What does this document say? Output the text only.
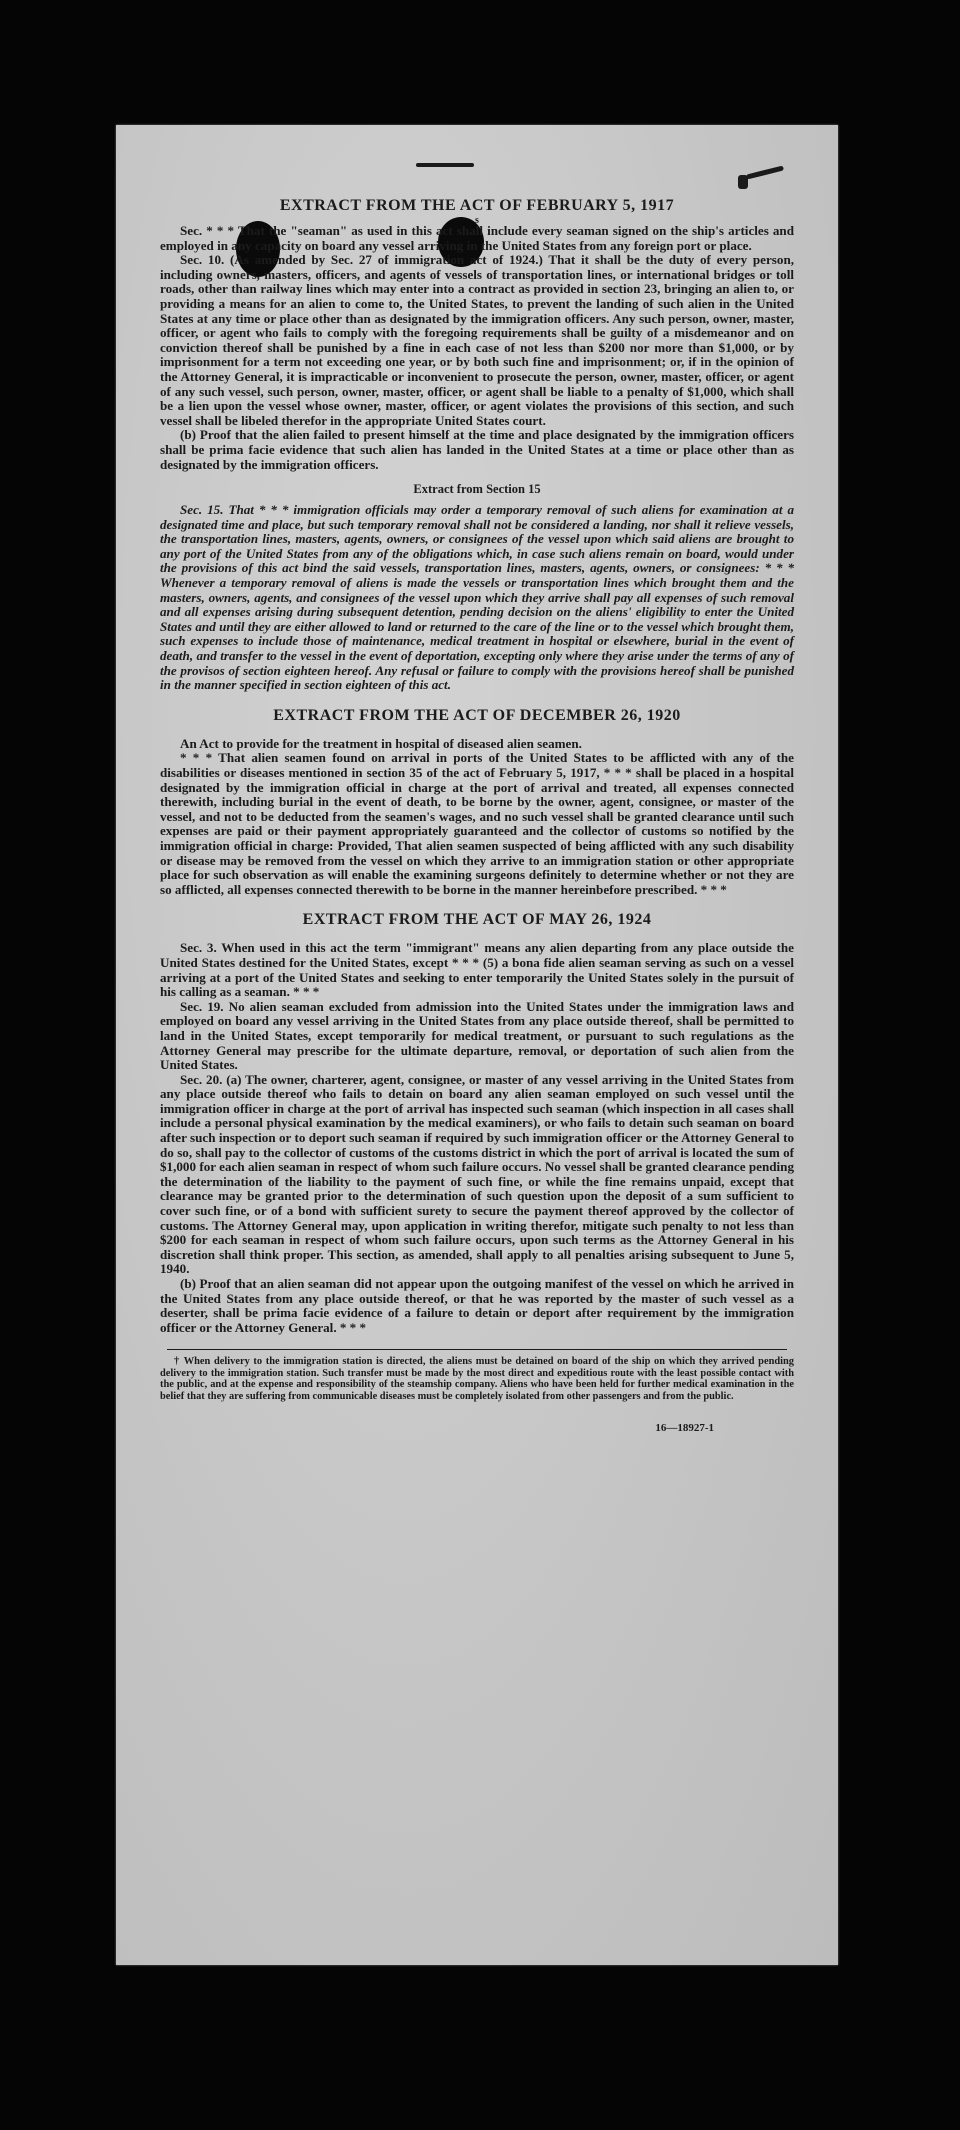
EXTRACT FROM THE ACT OF FEBRUARY 5, 1917
s

Sec. * * * That the "seaman" as used in this act shall include every seaman signed on the ship's articles and employed in any capacity on board any vessel arriving in the United States from any foreign port or place.

Sec. 10. (As amended by Sec. 27 of immigration act of 1924.) That it shall be the duty of every person, including owners, masters, officers, and agents of vessels of transportation lines, or international bridges or toll roads, other than railway lines which may enter into a contract as provided in section 23, bringing an alien to, or providing a means for an alien to come to, the United States, to prevent the landing of such alien in the United States at any time or place other than as designated by the immigration officers. Any such person, owner, master, officer, or agent who fails to comply with the foregoing requirements shall be guilty of a misdemeanor and on conviction thereof shall be punished by a fine in each case of not less than $200 nor more than $1,000, or by imprisonment for a term not exceeding one year, or by both such fine and imprisonment; or, if in the opinion of the Attorney General, it is impracticable or inconvenient to prosecute the person, owner, master, officer, or agent of any such vessel, such person, owner, master, officer, or agent shall be liable to a penalty of $1,000, which shall be a lien upon the vessel whose owner, master, officer, or agent violates the provisions of this section, and such vessel shall be libeled therefor in the appropriate United States court.

(b) Proof that the alien failed to present himself at the time and place designated by the immigration officers shall be prima facie evidence that such alien has landed in the United States at a time or place other than as designated by the immigration officers.

Extract from Section 15

Sec. 15. That * * * immigration officials may order a temporary removal of such aliens for examination at a designated time and place, but such temporary removal shall not be considered a landing, nor shall it relieve vessels, the transportation lines, masters, agents, owners, or consignees of the vessel upon which said aliens are brought to any port of the United States from any of the obligations which, in case such aliens remain on board, would under the provisions of this act bind the said vessels, transportation lines, masters, agents, owners, or consignees: * * * Whenever a temporary removal of aliens is made the vessels or transportation lines which brought them and the masters, owners, agents, and consignees of the vessel upon which they arrive shall pay all expenses of such removal and all expenses arising during subsequent detention, pending decision on the aliens' eligibility to enter the United States and until they are either allowed to land or returned to the care of the line or to the vessel which brought them, such expenses to include those of maintenance, medical treatment in hospital or elsewhere, burial in the event of death, and transfer to the vessel in the event of deportation, excepting only where they arise under the terms of any of the provisos of section eighteen hereof. Any refusal or failure to comply with the provisions hereof shall be punished in the manner specified in section eighteen of this act.

EXTRACT FROM THE ACT OF DECEMBER 26, 1920

An Act to provide for the treatment in hospital of diseased alien seamen.

* * * That alien seamen found on arrival in ports of the United States to be afflicted with any of the disabilities or diseases mentioned in section 35 of the act of February 5, 1917, * * * shall be placed in a hospital designated by the immigration official in charge at the port of arrival and treated, all expenses connected therewith, including burial in the event of death, to be borne by the owner, agent, consignee, or master of the vessel, and not to be deducted from the seamen's wages, and no such vessel shall be granted clearance until such expenses are paid or their payment appropriately guaranteed and the collector of customs so notified by the immigration official in charge: Provided, That alien seamen suspected of being afflicted with any such disability or disease may be removed from the vessel on which they arrive to an immigration station or other appropriate place for such observation as will enable the examining surgeons definitely to determine whether or not they are so afflicted, all expenses connected therewith to be borne in the manner hereinbefore prescribed. * * *

EXTRACT FROM THE ACT OF MAY 26, 1924

Sec. 3. When used in this act the term "immigrant" means any alien departing from any place outside the United States destined for the United States, except * * * (5) a bona fide alien seaman serving as such on a vessel arriving at a port of the United States and seeking to enter temporarily the United States solely in the pursuit of his calling as a seaman. * * *

Sec. 19. No alien seaman excluded from admission into the United States under the immigration laws and employed on board any vessel arriving in the United States from any place outside thereof, shall be permitted to land in the United States, except temporarily for medical treatment, or pursuant to such regulations as the Attorney General may prescribe for the ultimate departure, removal, or deportation of such alien from the United States.

Sec. 20. (a) The owner, charterer, agent, consignee, or master of any vessel arriving in the United States from any place outside thereof who fails to detain on board any alien seaman employed on such vessel until the immigration officer in charge at the port of arrival has inspected such seaman (which inspection in all cases shall include a personal physical examination by the medical examiners), or who fails to detain such seaman on board after such inspection or to deport such seaman if required by such immigration officer or the Attorney General to do so, shall pay to the collector of customs of the customs district in which the port of arrival is located the sum of $1,000 for each alien seaman in respect of whom such failure occurs. No vessel shall be granted clearance pending the determination of the liability to the payment of such fine, or while the fine remains unpaid, except that clearance may be granted prior to the determination of such question upon the deposit of a sum sufficient to cover such fine, or of a bond with sufficient surety to secure the payment thereof approved by the collector of customs. The Attorney General may, upon application in writing therefor, mitigate such penalty to not less than $200 for each seaman in respect of whom such failure occurs, upon such terms as the Attorney General in his discretion shall think proper. This section, as amended, shall apply to all penalties arising subsequent to June 5, 1940.

(b) Proof that an alien seaman did not appear upon the outgoing manifest of the vessel on which he arrived in the United States from any place outside thereof, or that he was reported by the master of such vessel as a deserter, shall be prima facie evidence of a failure to detain or deport after requirement by the immigration officer or the Attorney General. * * *

† When delivery to the immigration station is directed, the aliens must be detained on board of the ship on which they arrived pending delivery to the immigration station. Such transfer must be made by the most direct and expeditious route with the least possible contact with the public, and at the expense and responsibility of the steamship company. Aliens who have been held for further medical examination in the belief that they are suffering from communicable diseases must be completely isolated from other passengers and from the public.

16—18927-1
